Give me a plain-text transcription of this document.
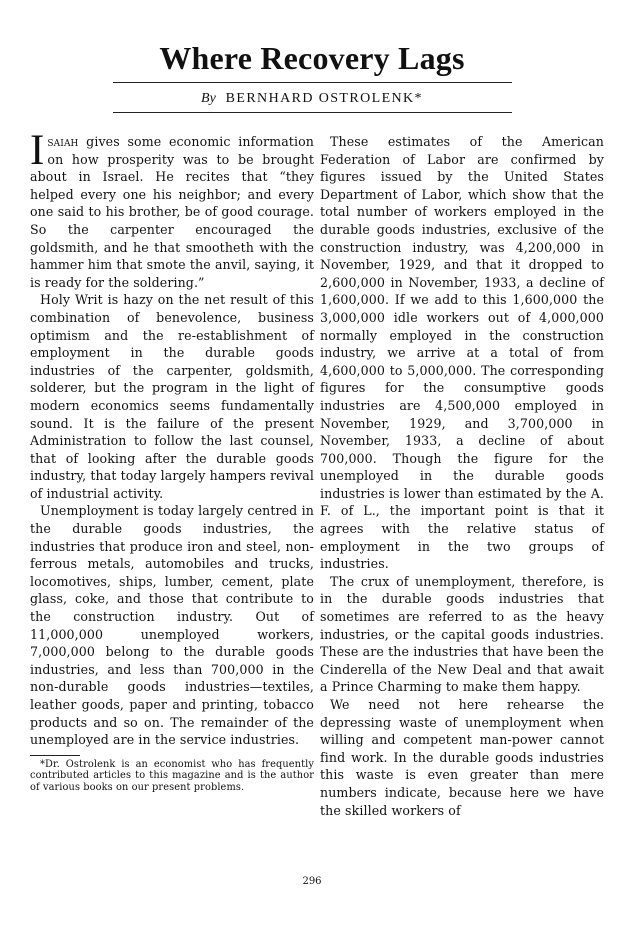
Where Recovery Lags
By BERNHARD OSTROLENK*

Isaiah gives some economic information on how prosperity was to be brought about in Israel. He recites that “they helped every one his neighbor; and every one said to his brother, be of good courage. So the carpenter encouraged the goldsmith, and he that smootheth with the hammer him that smote the anvil, saying, it is ready for the soldering.”

Holy Writ is hazy on the net result of this combination of benevolence, business optimism and the re-establishment of employment in the durable goods industries of the carpenter, goldsmith, solderer, but the program in the light of modern economics seems fundamentally sound. It is the failure of the present Administration to follow the last counsel, that of looking after the durable goods industry, that today largely hampers revival of industrial activity.

Unemployment is today largely centred in the durable goods industries, the industries that produce iron and steel, non-ferrous metals, automobiles and trucks, locomotives, ships, lumber, cement, plate glass, coke, and those that contribute to the construction industry. Out of 11,000,000 unemployed workers, 7,000,000 belong to the durable goods industries, and less than 700,000 in the non-durable goods industries—textiles, leather goods, paper and printing, tobacco products and so on. The remainder of the unemployed are in the service industries.

*Dr. Ostrolenk is an economist who has frequently contributed articles to this magazine and is the author of various books on our present problems.

These estimates of the American Federation of Labor are confirmed by figures issued by the United States Department of Labor, which show that the total number of workers employed in the durable goods industries, exclusive of the construction industry, was 4,200,000 in November, 1929, and that it dropped to 2,600,000 in November, 1933, a decline of 1,600,000. If we add to this 1,600,000 the 3,000,000 idle workers out of 4,000,000 normally employed in the construction industry, we arrive at a total of from 4,600,000 to 5,000,000. The corresponding figures for the consumptive goods industries are 4,500,000 employed in November, 1929, and 3,700,000 in November, 1933, a decline of about 700,000. Though the figure for the unemployed in the durable goods industries is lower than estimated by the A. F. of L., the important point is that it agrees with the relative status of employment in the two groups of industries.

The crux of unemployment, therefore, is in the durable goods industries that sometimes are referred to as the heavy industries, or the capital goods industries. These are the industries that have been the Cinderella of the New Deal and that await a Prince Charming to make them happy.

We need not here rehearse the depressing waste of unemployment when willing and competent man-power cannot find work. In the durable goods industries this waste is even greater than mere numbers indicate, because here we have the skilled workers of

296
